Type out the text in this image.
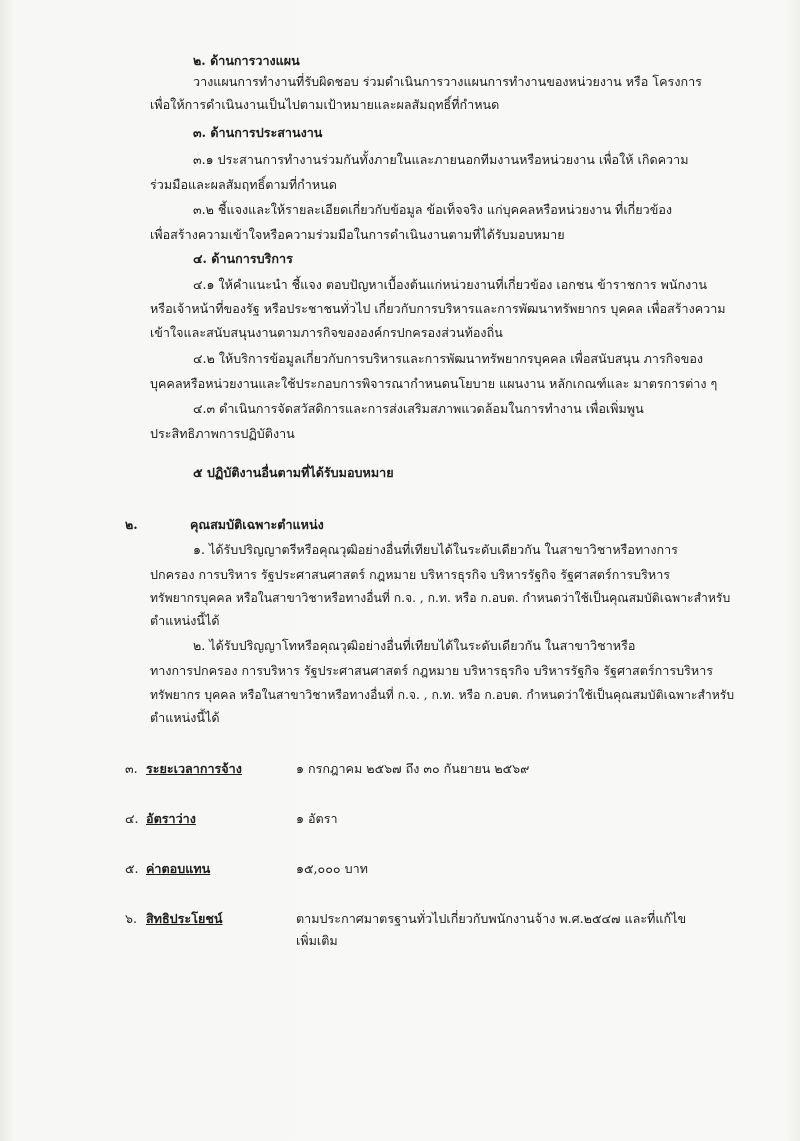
๒. ด้านการวางแผน
วางแผนการทำงานที่รับผิดชอบ ร่วมดำเนินการวางแผนการทำงานของหน่วยงาน หรือ โครงการ
เพื่อให้การดำเนินงานเป็นไปตามเป้าหมายและผลสัมฤทธิ์ที่กำหนด
๓. ด้านการประสานงาน
๓.๑ ประสานการทำงานร่วมกันทั้งภายในและภายนอกทีมงานหรือหน่วยงาน เพื่อให้ เกิดความ
ร่วมมือและผลสัมฤทธิ์ตามที่กำหนด
๓.๒ ชี้แจงและให้รายละเอียดเกี่ยวกับข้อมูล ข้อเท็จจริง แก่บุคคลหรือหน่วยงาน ที่เกี่ยวข้อง
เพื่อสร้างความเข้าใจหรือความร่วมมือในการดำเนินงานตามที่ได้รับมอบหมาย
๔. ด้านการบริการ
๔.๑ ให้คำแนะนำ ชี้แจง ตอบปัญหาเบื้องต้นแก่หน่วยงานที่เกี่ยวข้อง เอกชน ข้าราชการ พนักงาน
หรือเจ้าหน้าที่ของรัฐ หรือประชาชนทั่วไป เกี่ยวกับการบริหารและการพัฒนาทรัพยากร บุคคล เพื่อสร้างความ
เข้าใจและสนับสนุนงานตามภารกิจขององค์กรปกครองส่วนท้องถิ่น
๔.๒ ให้บริการข้อมูลเกี่ยวกับการบริหารและการพัฒนาทรัพยากรบุคคล เพื่อสนับสนุน ภารกิจของ
บุคคลหรือหน่วยงานและใช้ประกอบการพิจารณากำหนดนโยบาย แผนงาน หลักเกณฑ์และ มาตรการต่าง ๆ
๔.๓ ดำเนินการจัดสวัสดิการและการส่งเสริมสภาพแวดล้อมในการทำงาน เพื่อเพิ่มพูน
ประสิทธิภาพการปฏิบัติงาน
๕ ปฏิบัติงานอื่นตามที่ได้รับมอบหมาย
๒.	คุณสมบัติเฉพาะตำแหน่ง
๑. ได้รับปริญญาตรีหรือคุณวุฒิอย่างอื่นที่เทียบได้ในระดับเดียวกัน ในสาขาวิชาหรือทางการ
ปกครอง การบริหาร รัฐประศาสนศาสตร์ กฎหมาย บริหารธุรกิจ บริหารรัฐกิจ รัฐศาสตร์การบริหาร
ทรัพยากรบุคคล หรือในสาขาวิชาหรือทางอื่นที่ ก.จ. , ก.ท. หรือ ก.อบต. กำหนดว่าใช้เป็นคุณสมบัติเฉพาะสำหรับ
ตำแหน่งนี้ได้
๒. ได้รับปริญญาโทหรือคุณวุฒิอย่างอื่นที่เทียบได้ในระดับเดียวกัน ในสาขาวิชาหรือ
ทางการปกครอง การบริหาร รัฐประศาสนศาสตร์ กฎหมาย บริหารธุรกิจ บริหารรัฐกิจ รัฐศาสตร์การบริหาร
ทรัพยากร บุคคล หรือในสาขาวิชาหรือทางอื่นที่ ก.จ. , ก.ท. หรือ ก.อบต. กำหนดว่าใช้เป็นคุณสมบัติเฉพาะสำหรับ
ตำแหน่งนี้ได้
๓. ระยะเวลาการจ้าง	๑ กรกฎาคม ๒๕๖๗ ถึง ๓๐ กันยายน ๒๕๖๙
๔. อัตราว่าง	๑ อัตรา
๕. ค่าตอบแทน	๑๕,๐๐๐ บาท
๖. สิทธิประโยชน์	ตามประกาศมาตรฐานทั่วไปเกี่ยวกับพนักงานจ้าง พ.ศ.๒๕๔๗ และที่แก้ไข
เพิ่มเติม
